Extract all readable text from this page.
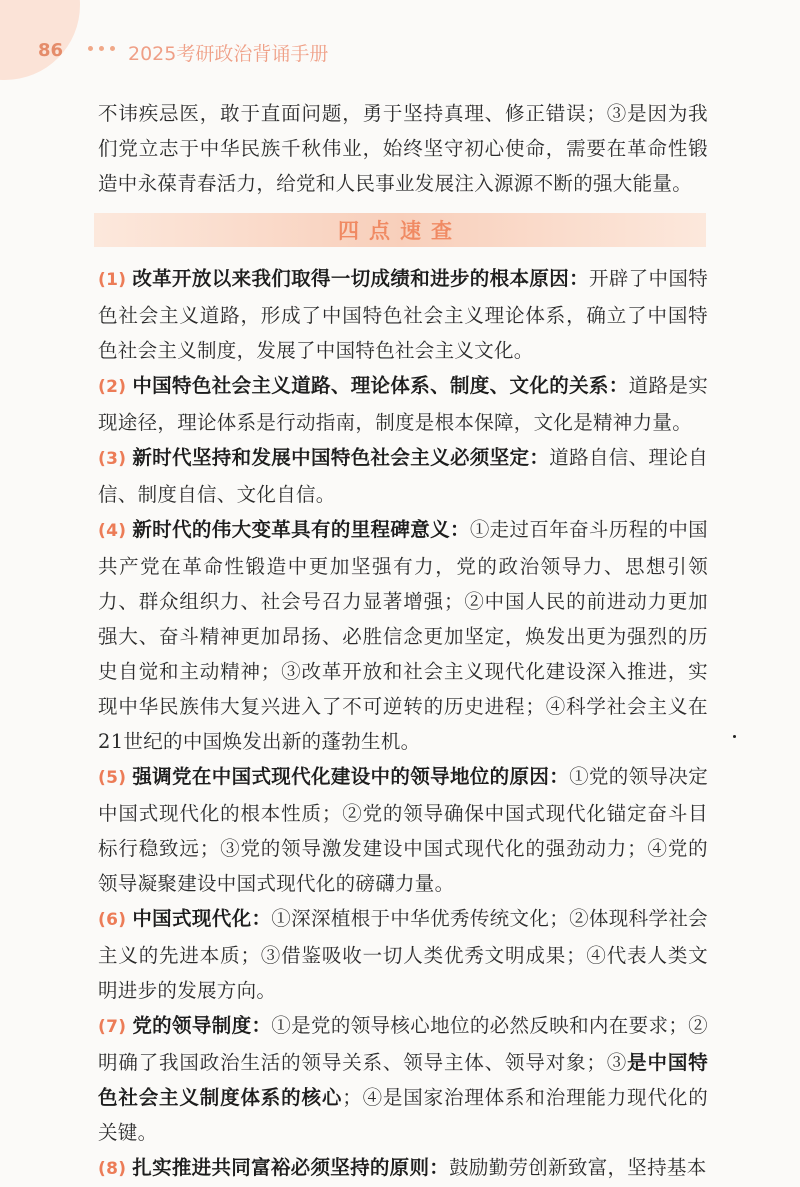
86	2025考研政治背诵手册

不讳疾忌医，敢于直面问题，勇于坚持真理、修正错误；③是因为我们党立志于中华民族千秋伟业，始终坚守初心使命，需要在革命性锻造中永葆青春活力，给党和人民事业发展注入源源不断的强大能量。

四点速查

(1) 改革开放以来我们取得一切成绩和进步的根本原因：开辟了中国特色社会主义道路，形成了中国特色社会主义理论体系，确立了中国特色社会主义制度，发展了中国特色社会主义文化。

(2) 中国特色社会主义道路、理论体系、制度、文化的关系：道路是实现途径，理论体系是行动指南，制度是根本保障，文化是精神力量。

(3) 新时代坚持和发展中国特色社会主义必须坚定：道路自信、理论自信、制度自信、文化自信。

(4) 新时代的伟大变革具有的里程碑意义：①走过百年奋斗历程的中国共产党在革命性锻造中更加坚强有力，党的政治领导力、思想引领力、群众组织力、社会号召力显著增强；②中国人民的前进动力更加强大、奋斗精神更加昂扬、必胜信念更加坚定，焕发出更为强烈的历史自觉和主动精神；③改革开放和社会主义现代化建设深入推进，实现中华民族伟大复兴进入了不可逆转的历史进程；④科学社会主义在21世纪的中国焕发出新的蓬勃生机。

(5) 强调党在中国式现代化建设中的领导地位的原因：①党的领导决定中国式现代化的根本性质；②党的领导确保中国式现代化锚定奋斗目标行稳致远；③党的领导激发建设中国式现代化的强劲动力；④党的领导凝聚建设中国式现代化的磅礴力量。

(6) 中国式现代化：①深深植根于中华优秀传统文化；②体现科学社会主义的先进本质；③借鉴吸收一切人类优秀文明成果；④代表人类文明进步的发展方向。

(7) 党的领导制度：①是党的领导核心地位的必然反映和内在要求；②明确了我国政治生活的领导关系、领导主体、领导对象；③是中国特色社会主义制度体系的核心；④是国家治理体系和治理能力现代化的关键。

(8) 扎实推进共同富裕必须坚持的原则：鼓励勤劳创新致富，坚持基本
